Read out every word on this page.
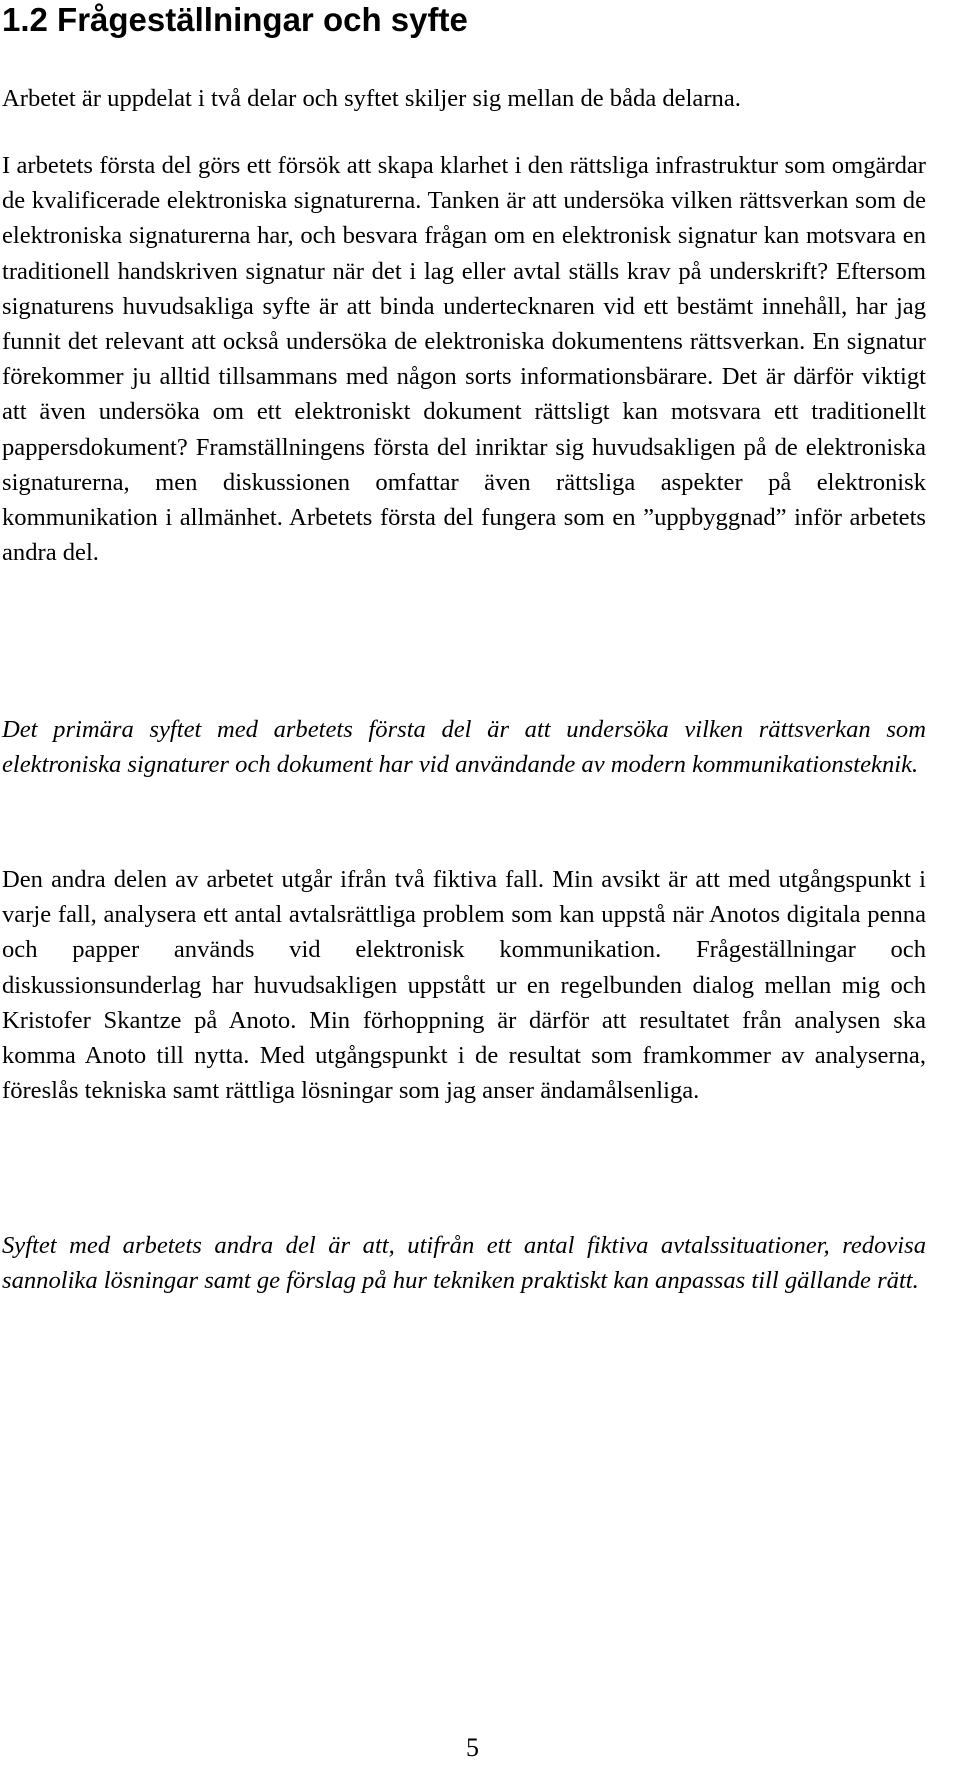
1.2 Frågeställningar och syfte

Arbetet är uppdelat i två delar och syftet skiljer sig mellan de båda delarna.

I arbetets första del görs ett försök att skapa klarhet i den rättsliga infrastruktur som omgärdar de kvalificerade elektroniska signaturerna. Tanken är att undersöka vilken rättsverkan som de elektroniska signaturerna har, och besvara frågan om en elektronisk signatur kan motsvara en traditionell handskriven signatur när det i lag eller avtal ställs krav på underskrift? Eftersom signaturens huvudsakliga syfte är att binda undertecknaren vid ett bestämt innehåll, har jag funnit det relevant att också undersöka de elektroniska dokumentens rättsverkan. En signatur förekommer ju alltid tillsammans med någon sorts informationsbärare. Det är därför viktigt att även undersöka om ett elektroniskt dokument rättsligt kan motsvara ett traditionellt pappersdokument? Framställningens första del inriktar sig huvudsakligen på de elektroniska signaturerna, men diskussionen omfattar även rättsliga aspekter på elektronisk kommunikation i allmänhet. Arbetets första del fungera som en ”uppbyggnad” inför arbetets andra del.

Det primära syftet med arbetets första del är att undersöka vilken rättsverkan som elektroniska signaturer och dokument har vid användande av modern kommunikationsteknik.

Den andra delen av arbetet utgår ifrån två fiktiva fall. Min avsikt är att med utgångspunkt i varje fall, analysera ett antal avtalsrättliga problem som kan uppstå när Anotos digitala penna och papper används vid elektronisk kommunikation. Frågeställningar och diskussionsunderlag har huvudsakligen uppstått ur en regelbunden dialog mellan mig och Kristofer Skantze på Anoto. Min förhoppning är därför att resultatet från analysen ska komma Anoto till nytta. Med utgångspunkt i de resultat som framkommer av analyserna, föreslås tekniska samt rättliga lösningar som jag anser ändamålsenliga.

Syftet med arbetets andra del är att, utifrån ett antal fiktiva avtalssituationer, redovisa sannolika lösningar samt ge förslag på hur tekniken praktiskt kan anpassas till gällande rätt.

5
